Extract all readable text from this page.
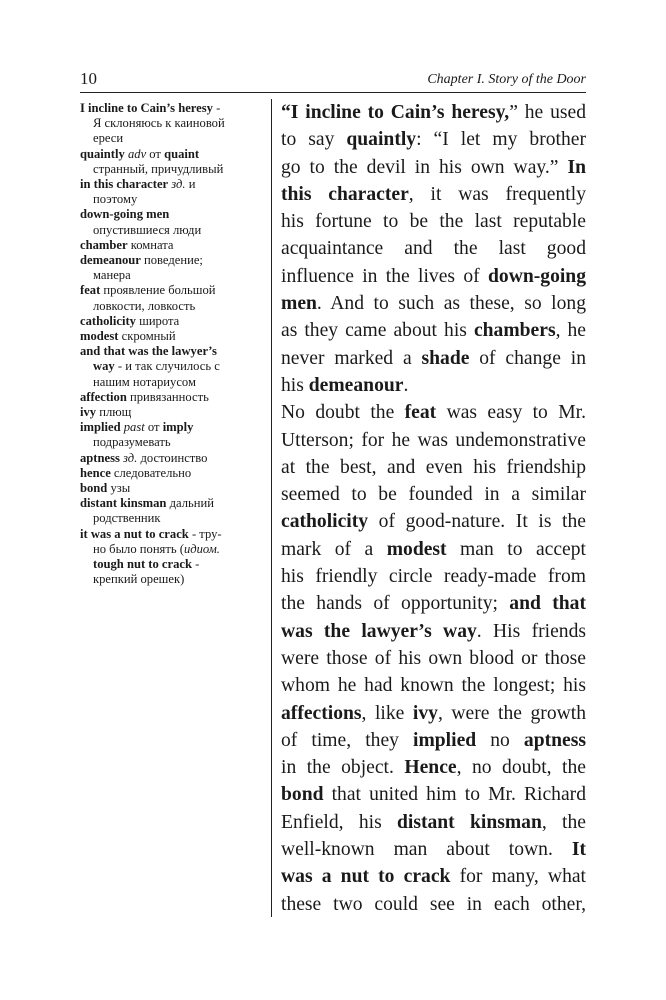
10	Chapter I. Story of the Door
I incline to Cain’s heresy -
Я склоняюсь к каиновой
ереси
quaintly adv от quaint
странный, причудливый
in this character зд. и
поэтому
down-going men
опустившиеся люди
chamber комната
demeanour поведение;
манера
feat проявление большой
ловкости, ловкость
catholicity широта
modest скромный
and that was the lawyer’s
way - и так случилось с
нашим нотариусом
affection привязанность
ivy плющ
implied past от imply
подразумевать
aptness зд. достоинство
hence следовательно
bond узы
distant kinsman дальний
родственник
it was a nut to crack - тру-
но было понять (идиом.
tough nut to crack -
крепкий орешек)
“I incline to Cain’s heresy,” he used
to say quaintly: “I let my brother
go to the devil in his own way.” In
this character, it was frequently
his fortune to be the last reputable
acquaintance and the last good
influence in the lives of down-going
men. And to such as these, so long
as they came about his chambers, he
never marked a shade of change in
his demeanour.
No doubt the feat was easy to Mr.
Utterson; for he was undemonstrative
at the best, and even his friendship
seemed to be founded in a similar
catholicity of good-nature. It is the
mark of a modest man to accept
his friendly circle ready-made from
the hands of opportunity; and that
was the lawyer’s way. His friends
were those of his own blood or those
whom he had known the longest; his
affections, like ivy, were the growth
of time, they implied no aptness
in the object. Hence, no doubt, the
bond that united him to Mr. Richard
Enfield, his distant kinsman, the
well-known man about town. It
was a nut to crack for many, what
these two could see in each other,
